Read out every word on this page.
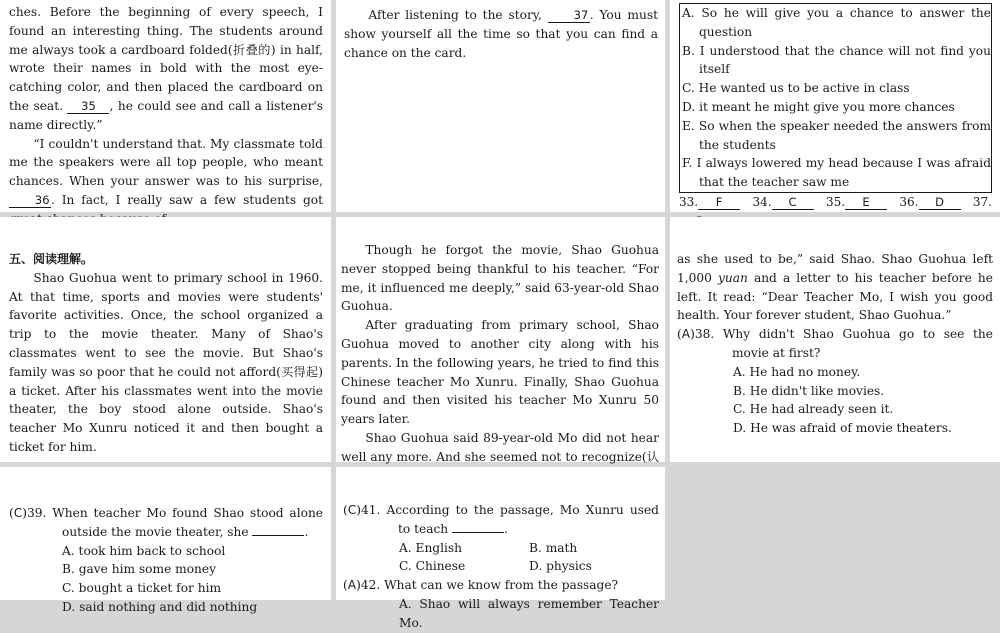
ches. Before the beginning of every speech, I found an interesting thing. The students around me always took a cardboard folded(折叠的) in half, wrote their names in bold with the most eye-catching color, and then placed the cardboard on the seat. 35 , he could see and call a listener's name directly.”

“I couldn't understand that. My classmate told me the speakers were all top people, who meant chances. When your answer was to his surprise, 36. In fact, I really saw a few students got

After listening to the story,	37. You must show yourself all the time so that you can find a chance on the card.

A. So he will give you a chance to answer the question

B. I understood that the chance will not find you itself

C. He wanted us to be active in class

D. it meant he might give you more chances

E. So when the speaker needed the answers from the students

F. I always lowered my head because I was afraid that the teacher saw me

33. F	34. C 35. E 36. D 37.

五、阅读理解。

Shao Guohua went to primary school in 1960. At that time, sports and movies were students' favorite activities. Once, the school organized a trip to the movie theater. Many of Shao's classmates went to see the movie. But Shao's family was so poor that he could not afford(买得起) a ticket. After his classmates went into the movie theater, the boy stood alone outside. Shao's teacher Mo Xunru noticed it and then bought a ticket for him.

Though he forgot the movie, Shao Guohua never stopped being thankful to his teacher. “For me, it influenced me deeply,” said 63-year-old Shao Guohua.

After graduating from primary school, Shao Guohua moved to another city along with his parents. In the following years, he tried to find this Chinese teacher Mo Xunru. Finally, Shao Guohua found and then visited his teacher Mo Xunru 50 years later.

Shao Guohua said 89-year-old Mo did not hear well any more. And she seemed not to recognize(认

as she used to be,” said Shao. Shao Guohua left 1,000 yuan and a letter to his teacher before he left. It read: “Dear Teacher Mo, I wish you good health. Your forever student, Shao Guohua.”

(A)38. Why didn't Shao Guohua go to see the movie at first?

A. He had no money.

B. He didn't like movies.

C. He had already seen it.

D. He was afraid of movie theaters.

(C)39. When teacher Mo found Shao stood alone outside the movie theater, she	.

A. took him back to school

B. gave him some money

C. bought a ticket for him

D. said nothing and did nothing

(C)41. According to the passage, Mo Xunru used to teach	.

A. English	B. math
C. Chinese	D. physics

(A)42. What can we know from the passage?

A. Shao will always remember Teacher Mo.
